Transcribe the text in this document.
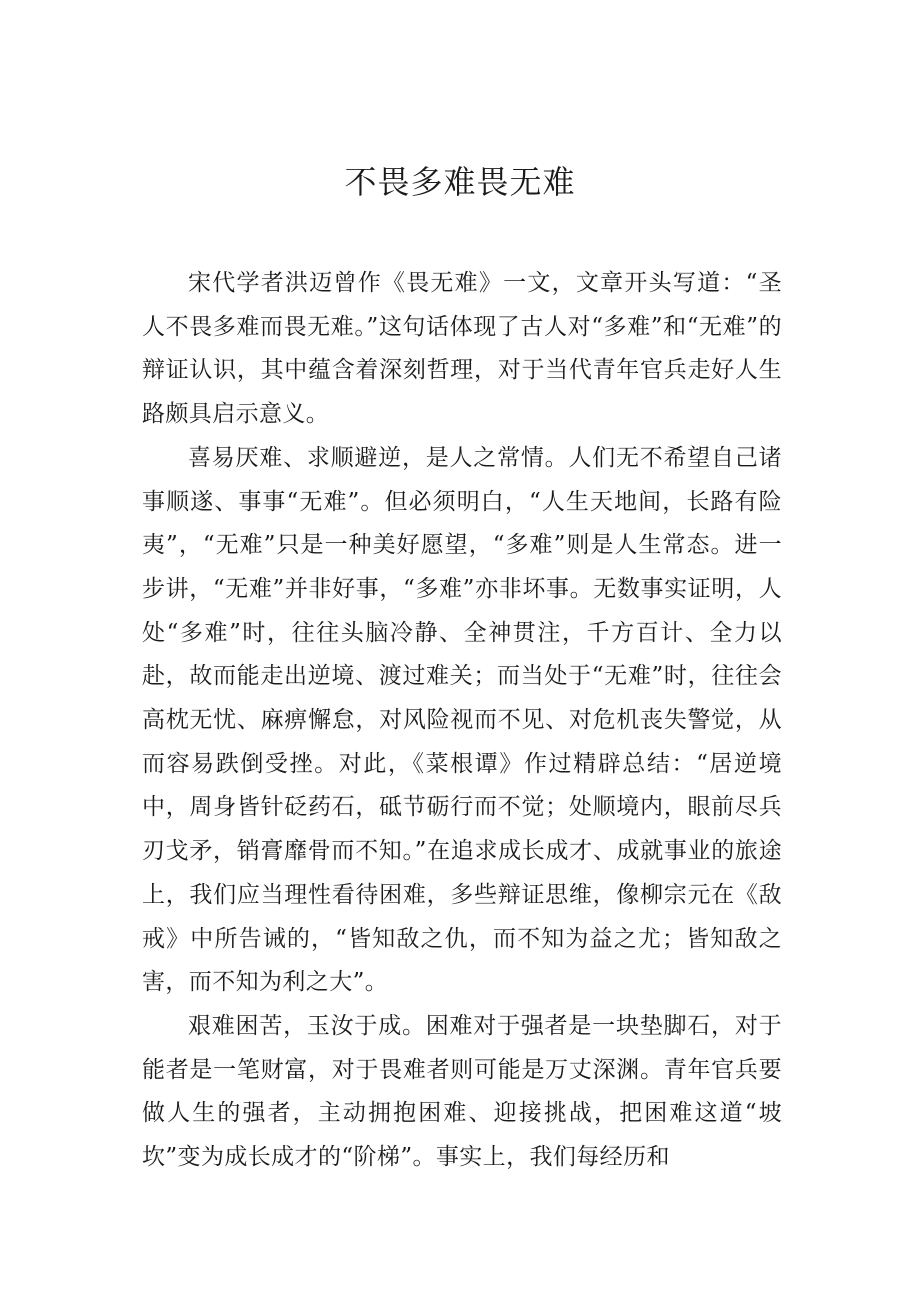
不畏多难畏无难

宋代学者洪迈曾作《畏无难》一文，文章开头写道：“圣人不畏多难而畏无难。”这句话体现了古人对“多难”和“无难”的辩证认识，其中蕴含着深刻哲理，对于当代青年官兵走好人生路颇具启示意义。

喜易厌难、求顺避逆，是人之常情。人们无不希望自己诸事顺遂、事事“无难”。但必须明白，“人生天地间，长路有险夷”，“无难”只是一种美好愿望，“多难”则是人生常态。进一步讲，“无难”并非好事，“多难”亦非坏事。无数事实证明，人处“多难”时，往往头脑冷静、全神贯注，千方百计、全力以赴，故而能走出逆境、渡过难关；而当处于“无难”时，往往会高枕无忧、麻痹懈怠，对风险视而不见、对危机丧失警觉，从而容易跌倒受挫。对此，《菜根谭》作过精辟总结：“居逆境中，周身皆针砭药石，砥节砺行而不觉；处顺境内，眼前尽兵刃戈矛，销膏靡骨而不知。”在追求成长成才、成就事业的旅途上，我们应当理性看待困难，多些辩证思维，像柳宗元在《敌戒》中所告诫的，“皆知敌之仇，而不知为益之尤；皆知敌之害，而不知为利之大”。

艰难困苦，玉汝于成。困难对于强者是一块垫脚石，对于能者是一笔财富，对于畏难者则可能是万丈深渊。青年官兵要做人生的强者，主动拥抱困难、迎接挑战，把困难这道“坡坎”变为成长成才的“阶梯”。事实上，我们每经历和
